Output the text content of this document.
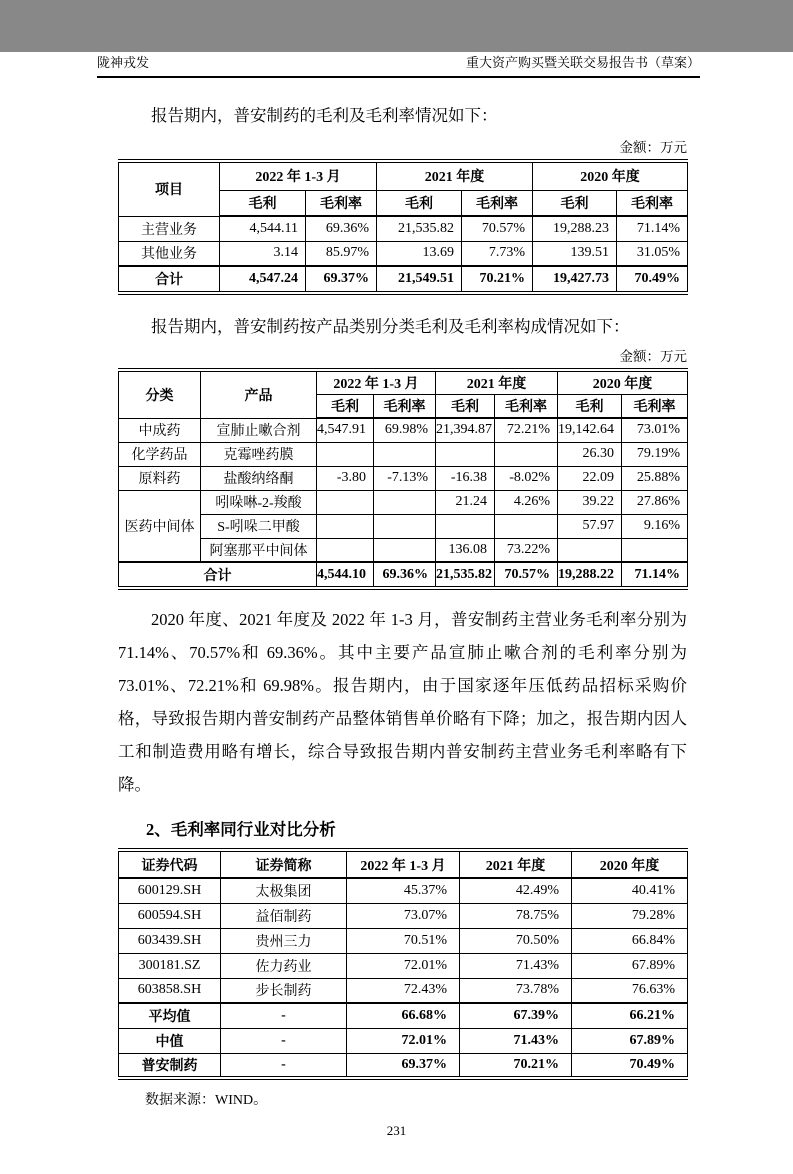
陇神戎发	重大资产购买暨关联交易报告书（草案）

报告期内，普安制药的毛利及毛利率情况如下：

金额：万元
项目	2022 年 1-3 月		2021 年度		2020 年度	
	毛利	毛利率	毛利	毛利率	毛利	毛利率
主营业务	4,544.11	69.36%	21,535.82	70.57%	19,288.23	71.14%
其他业务	3.14	85.97%	13.69	7.73%	139.51	31.05%
合计	4,547.24	69.37%	21,549.51	70.21%	19,427.73	70.49%

报告期内，普安制药按产品类别分类毛利及毛利率构成情况如下：

金额：万元
分类	产品	2022 年 1-3 月		2021 年度		2020 年度	
		毛利	毛利率	毛利	毛利率	毛利	毛利率
中成药	宣肺止嗽合剂	4,547.91	69.98%	21,394.87	72.21%	19,142.64	73.01%
化学药品	克霉唑药膜					26.30	79.19%
原料药	盐酸纳络酮	-3.80	-7.13%	-16.38	-8.02%	22.09	25.88%
医药中间体	吲哚啉-2-羧酸			21.24	4.26%	39.22	27.86%
	S-吲哚二甲酸					57.97	9.16%
	阿塞那平中间体			136.08	73.22%		
合计		4,544.10	69.36%	21,535.82	70.57%	19,288.22	71.14%

2020 年度、2021 年度及 2022 年 1-3 月，普安制药主营业务毛利率分别为 71.14%、70.57%和 69.36%。其中主要产品宣肺止嗽合剂的毛利率分别为 73.01%、72.21%和 69.98%。报告期内，由于国家逐年压低药品招标采购价格，导致报告期内普安制药产品整体销售单价略有下降；加之，报告期内因人工和制造费用略有增长，综合导致报告期内普安制药主营业务毛利率略有下降。

2、毛利率同行业对比分析
证券代码	证券简称	2022 年 1-3 月	2021 年度	2020 年度
600129.SH	太极集团	45.37%	42.49%	40.41%
600594.SH	益佰制药	73.07%	78.75%	79.28%
603439.SH	贵州三力	70.51%	70.50%	66.84%
300181.SZ	佐力药业	72.01%	71.43%	67.89%
603858.SH	步长制药	72.43%	73.78%	76.63%
平均值	-	66.68%	67.39%	66.21%
中值	-	72.01%	71.43%	67.89%
普安制药	-	69.37%	70.21%	70.49%
数据来源：WIND。
231
